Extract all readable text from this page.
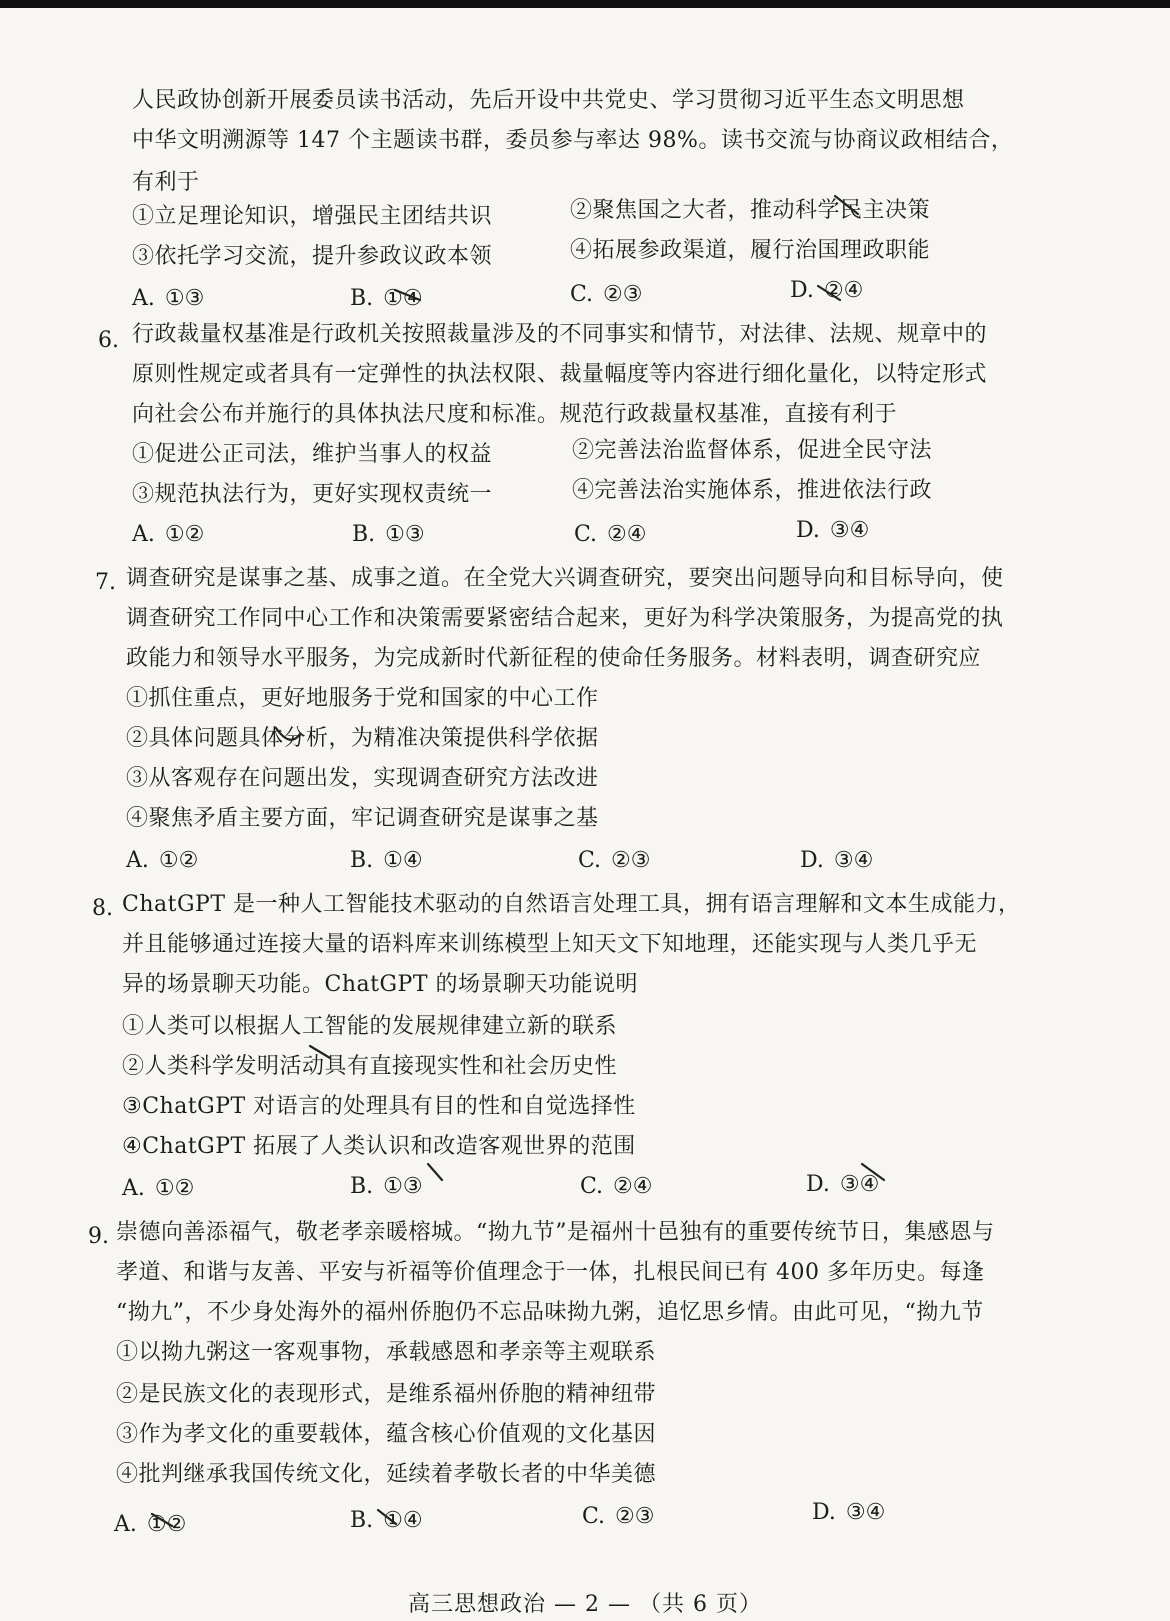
人民政协创新开展委员读书活动，先后开设中共党史、学习贯彻习近平生态文明思想
中华文明溯源等 147 个主题读书群，委员参与率达 98%。读书交流与协商议政相结合，
有利于
①立足理论知识，增强民主团结共识	②聚焦国之大者，推动科学民主决策
③依托学习交流，提升参政议政本领	④拓展参政渠道，履行治国理政职能
A. ①③	B. ①④	C. ②③	D. ②④
6. 行政裁量权基准是行政机关按照裁量涉及的不同事实和情节，对法律、法规、规章中的
原则性规定或者具有一定弹性的执法权限、裁量幅度等内容进行细化量化，以特定形式
向社会公布并施行的具体执法尺度和标准。规范行政裁量权基准，直接有利于
①促进公正司法，维护当事人的权益	②完善法治监督体系，促进全民守法
③规范执法行为，更好实现权责统一	④完善法治实施体系，推进依法行政
A. ①②	B. ①③	C. ②④	D. ③④
7. 调查研究是谋事之基、成事之道。在全党大兴调查研究，要突出问题导向和目标导向，使
调查研究工作同中心工作和决策需要紧密结合起来，更好为科学决策服务，为提高党的执
政能力和领导水平服务，为完成新时代新征程的使命任务服务。材料表明，调查研究应
①抓住重点，更好地服务于党和国家的中心工作
②具体问题具体分析，为精准决策提供科学依据
③从客观存在问题出发，实现调查研究方法改进
④聚焦矛盾主要方面，牢记调查研究是谋事之基
A. ①②	B. ①④	C. ②③	D. ③④
8. ChatGPT 是一种人工智能技术驱动的自然语言处理工具，拥有语言理解和文本生成能力，
并且能够通过连接大量的语料库来训练模型上知天文下知地理，还能实现与人类几乎无
异的场景聊天功能。ChatGPT 的场景聊天功能说明
①人类可以根据人工智能的发展规律建立新的联系
②人类科学发明活动具有直接现实性和社会历史性
③ChatGPT 对语言的处理具有目的性和自觉选择性
④ChatGPT 拓展了人类认识和改造客观世界的范围
A. ①②	B. ①③	C. ②④	D. ③④
9. 崇德向善添福气，敬老孝亲暖榕城。“拗九节”是福州十邑独有的重要传统节日，集感恩与
孝道、和谐与友善、平安与祈福等价值理念于一体，扎根民间已有 400 多年历史。每逢
“拗九”，不少身处海外的福州侨胞仍不忘品味拗九粥，追忆思乡情。由此可见，“拗九节
①以拗九粥这一客观事物，承载感恩和孝亲等主观联系
②是民族文化的表现形式，是维系福州侨胞的精神纽带
③作为孝文化的重要载体，蕴含核心价值观的文化基因
④批判继承我国传统文化，延续着孝敬长者的中华美德
A. ①②	B. ①④	C. ②③	D. ③④
高三思想政治 — 2 — （共 6 页）
